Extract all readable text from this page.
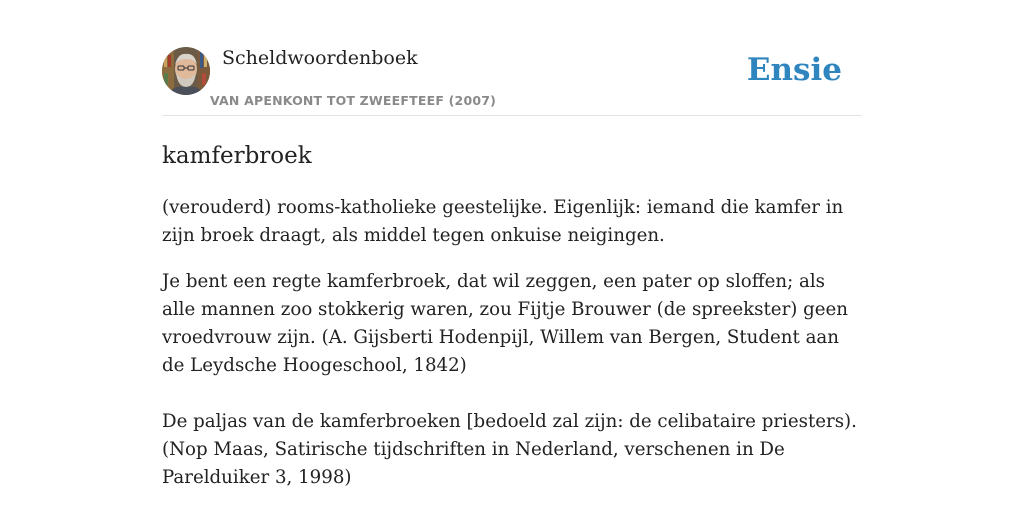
Scheldwoordenboek
VAN APENKONT TOT ZWEEFTEEF (2007)
Ensie
kamferbroek

(verouderd) rooms-katholieke geestelijke. Eigenlijk: iemand die kamfer in zijn broek draagt, als middel tegen onkuise neigingen.

Je bent een regte kamferbroek, dat wil zeggen, een pater op sloffen; als alle mannen zoo stokkerig waren, zou Fijtje Brouwer (de spreekster) geen vroedvrouw zijn. (A. Gijsberti Hodenpijl, Willem van Bergen, Student aan de Leydsche Hoogeschool, 1842)

De paljas van de kamferbroeken [bedoeld zal zijn: de celibataire priesters). (Nop Maas, Satirische tijdschriften in Nederland, verschenen in De Parelduiker 3, 1998)
